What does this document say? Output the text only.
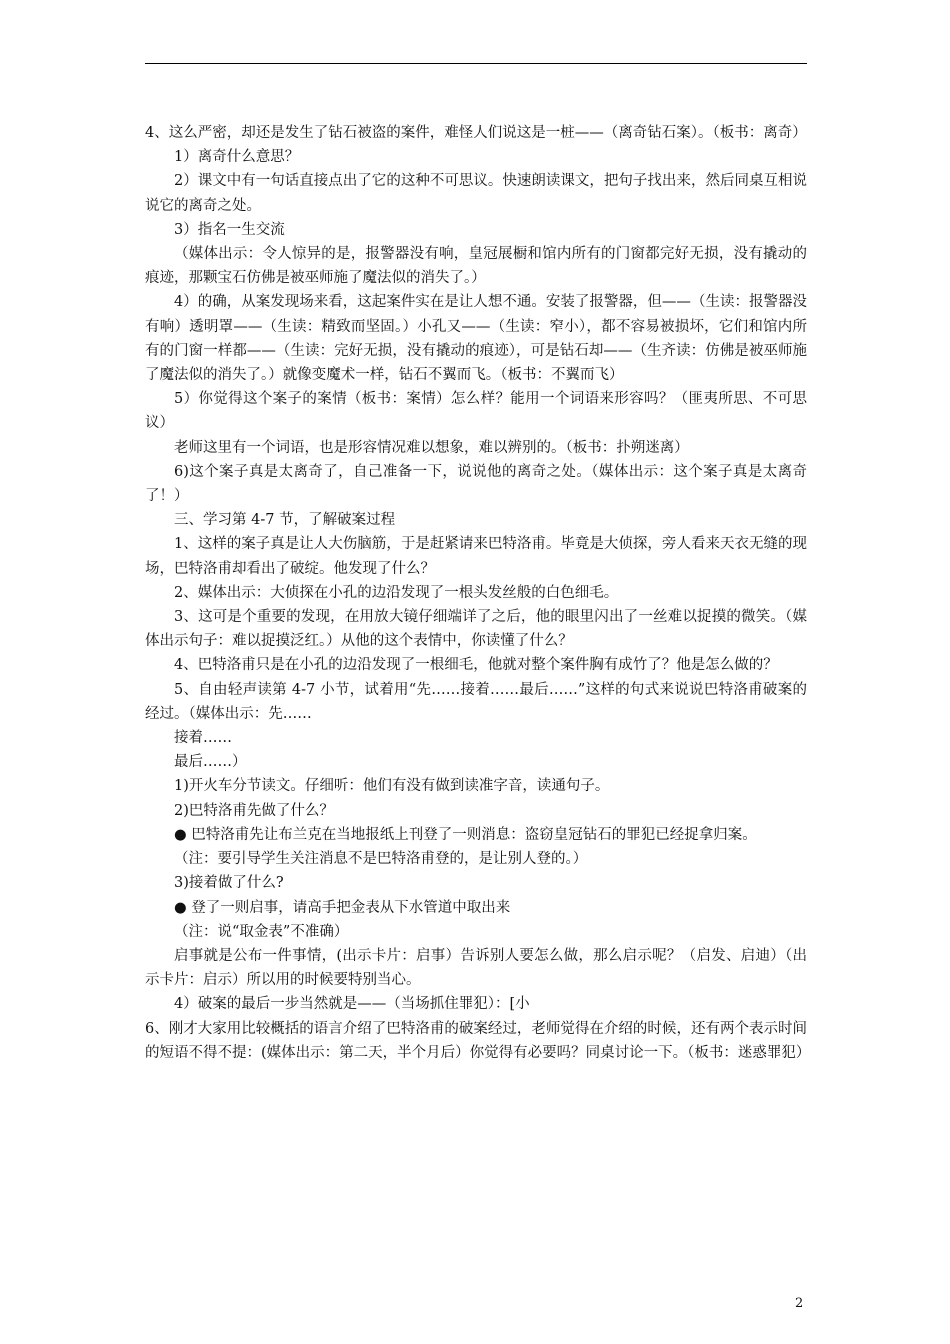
4、这么严密，却还是发生了钻石被盗的案件，难怪人们说这是一桩——（离奇钻石案）。（板书：离奇）

1）离奇什么意思？

2）课文中有一句话直接点出了它的这种不可思议。快速朗读课文，把句子找出来，然后同桌互相说说它的离奇之处。

3）指名一生交流

（媒体出示：令人惊异的是，报警器没有响，皇冠展橱和馆内所有的门窗都完好无损，没有撬动的痕迹，那颗宝石仿佛是被巫师施了魔法似的消失了。）

4）的确，从案发现场来看，这起案件实在是让人想不通。安装了报警器，但——（生读：报警器没有响）透明罩——（生读：精致而坚固。）小孔又——（生读：窄小），都不容易被损坏，它们和馆内所有的门窗一样都——（生读：完好无损，没有撬动的痕迹），可是钻石却——（生齐读：仿佛是被巫师施了魔法似的消失了。）就像变魔术一样，钻石不翼而飞。（板书：不翼而飞）

5）你觉得这个案子的案情（板书：案情）怎么样？能用一个词语来形容吗？（匪夷所思、不可思议）

老师这里有一个词语，也是形容情况难以想象，难以辨别的。（板书：扑朔迷离）

6)这个案子真是太离奇了，自己准备一下，说说他的离奇之处。（媒体出示：这个案子真是太离奇了！）

三、学习第 4-7 节，了解破案过程

1、这样的案子真是让人大伤脑筋，于是赶紧请来巴特洛甫。毕竟是大侦探，旁人看来天衣无缝的现场，巴特洛甫却看出了破绽。他发现了什么？

2、媒体出示：大侦探在小孔的边沿发现了一根头发丝般的白色细毛。

3、这可是个重要的发现，在用放大镜仔细端详了之后，他的眼里闪出了一丝难以捉摸的微笑。（媒体出示句子：难以捉摸泛红。）从他的这个表情中，你读懂了什么？

4、巴特洛甫只是在小孔的边沿发现了一根细毛，他就对整个案件胸有成竹了？他是怎么做的？

5、自由轻声读第 4-7 小节，试着用“先……接着……最后……”这样的句式来说说巴特洛甫破案的经过。（媒体出示：先……

接着……

最后……）

1)开火车分节读文。仔细听：他们有没有做到读准字音，读通句子。

2)巴特洛甫先做了什么？

● 巴特洛甫先让布兰克在当地报纸上刊登了一则消息：盗窃皇冠钻石的罪犯已经捉拿归案。

（注：要引导学生关注消息不是巴特洛甫登的，是让别人登的。）

3)接着做了什么?

● 登了一则启事，请高手把金表从下水管道中取出来

（注：说“取金表”不准确）

启事就是公布一件事情，(出示卡片：启事）告诉别人要怎么做，那么启示呢？（启发、启迪）（出示卡片：启示）所以用的时候要特别当心。

4）破案的最后一步当然就是——（当场抓住罪犯）：[小

6、刚才大家用比较概括的语言介绍了巴特洛甫的破案经过，老师觉得在介绍的时候，还有两个表示时间的短语不得不提：(媒体出示：第二天，半个月后）你觉得有必要吗？同桌讨论一下。（板书：迷惑罪犯）

2
